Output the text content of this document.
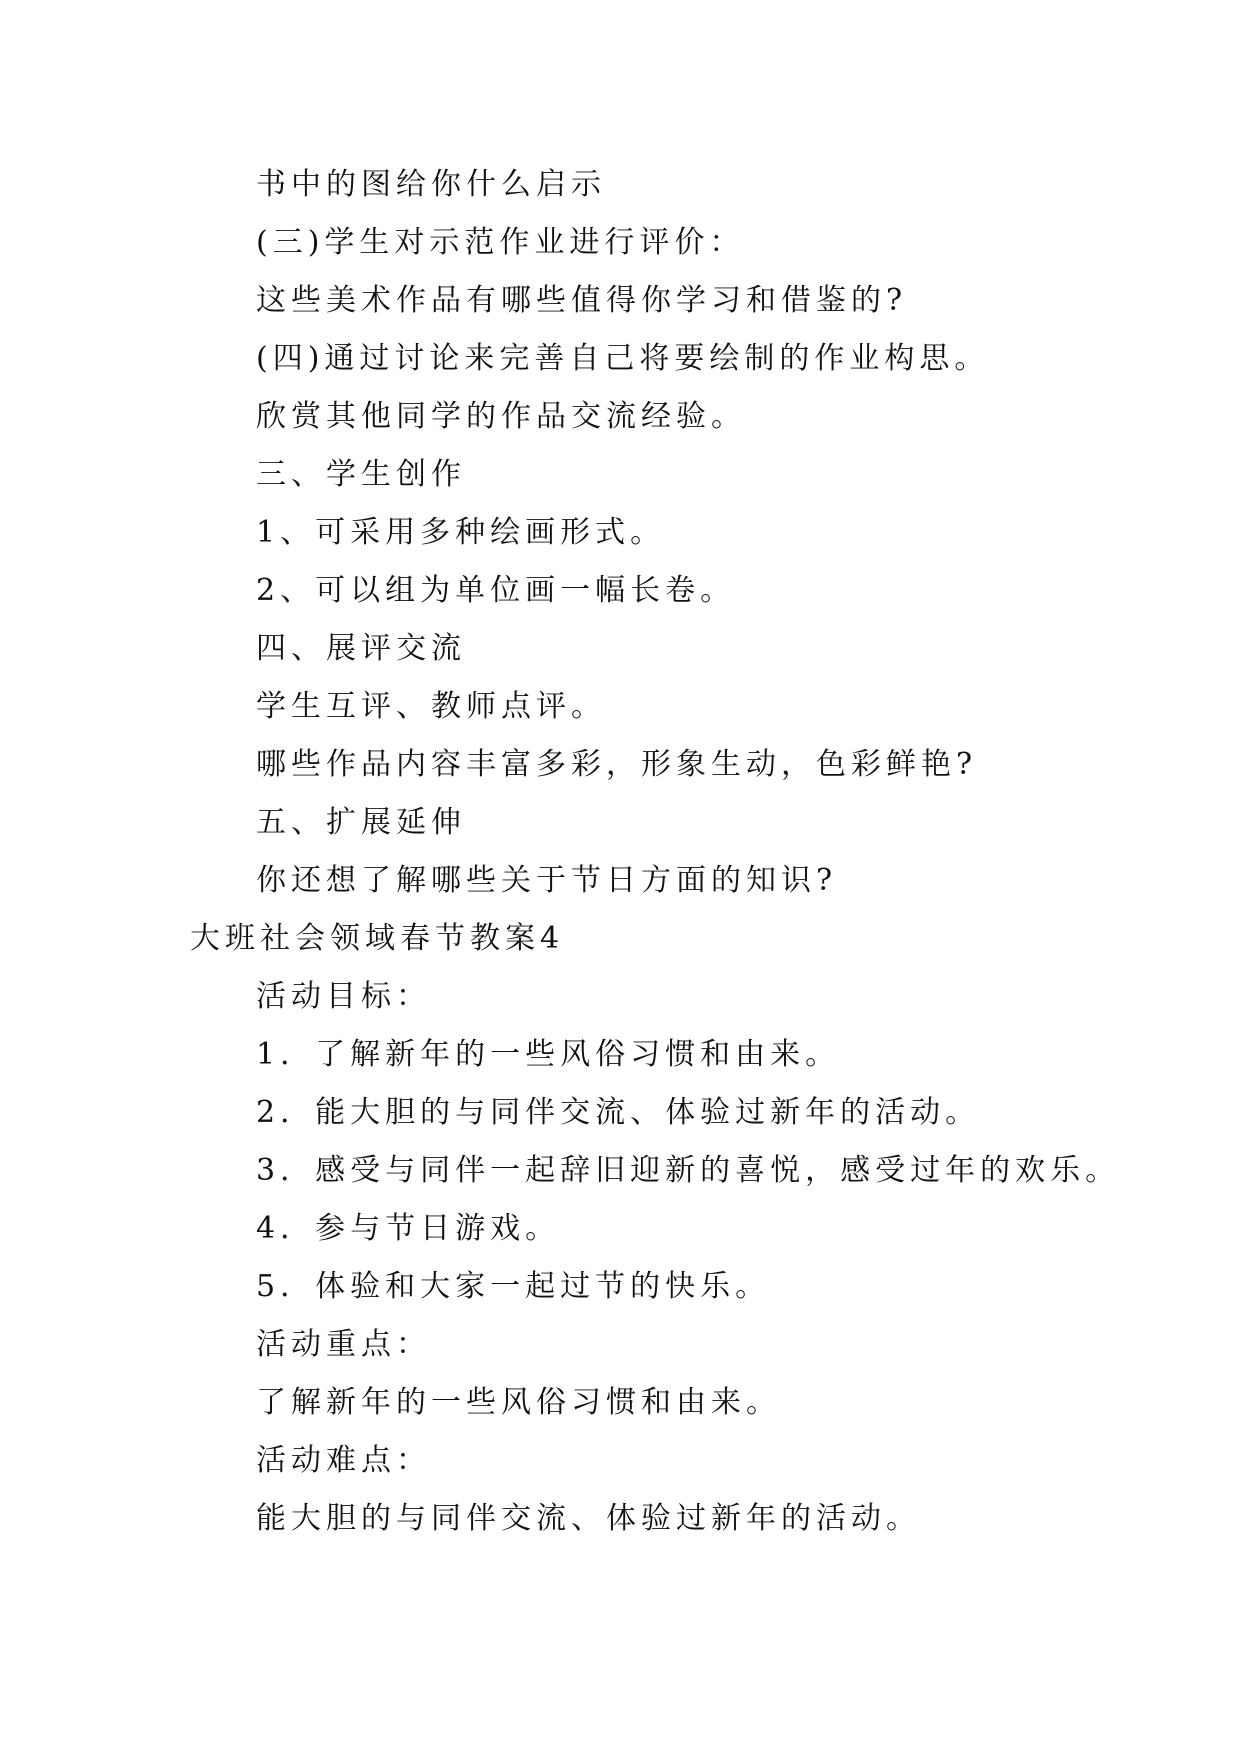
书中的图给你什么启示
(三)学生对示范作业进行评价：
这些美术作品有哪些值得你学习和借鉴的?
(四)通过讨论来完善自己将要绘制的作业构思。
欣赏其他同学的作品交流经验。
三、学生创作
1、可采用多种绘画形式。
2、可以组为单位画一幅长卷。
四、展评交流
学生互评、教师点评。
哪些作品内容丰富多彩，形象生动，色彩鲜艳?
五、扩展延伸
你还想了解哪些关于节日方面的知识?
大班社会领域春节教案4
活动目标：
1．了解新年的一些风俗习惯和由来。
2．能大胆的与同伴交流、体验过新年的活动。
3．感受与同伴一起辞旧迎新的喜悦，感受过年的欢乐。
4．参与节日游戏。
5．体验和大家一起过节的快乐。
活动重点：
了解新年的一些风俗习惯和由来。
活动难点：
能大胆的与同伴交流、体验过新年的活动。
